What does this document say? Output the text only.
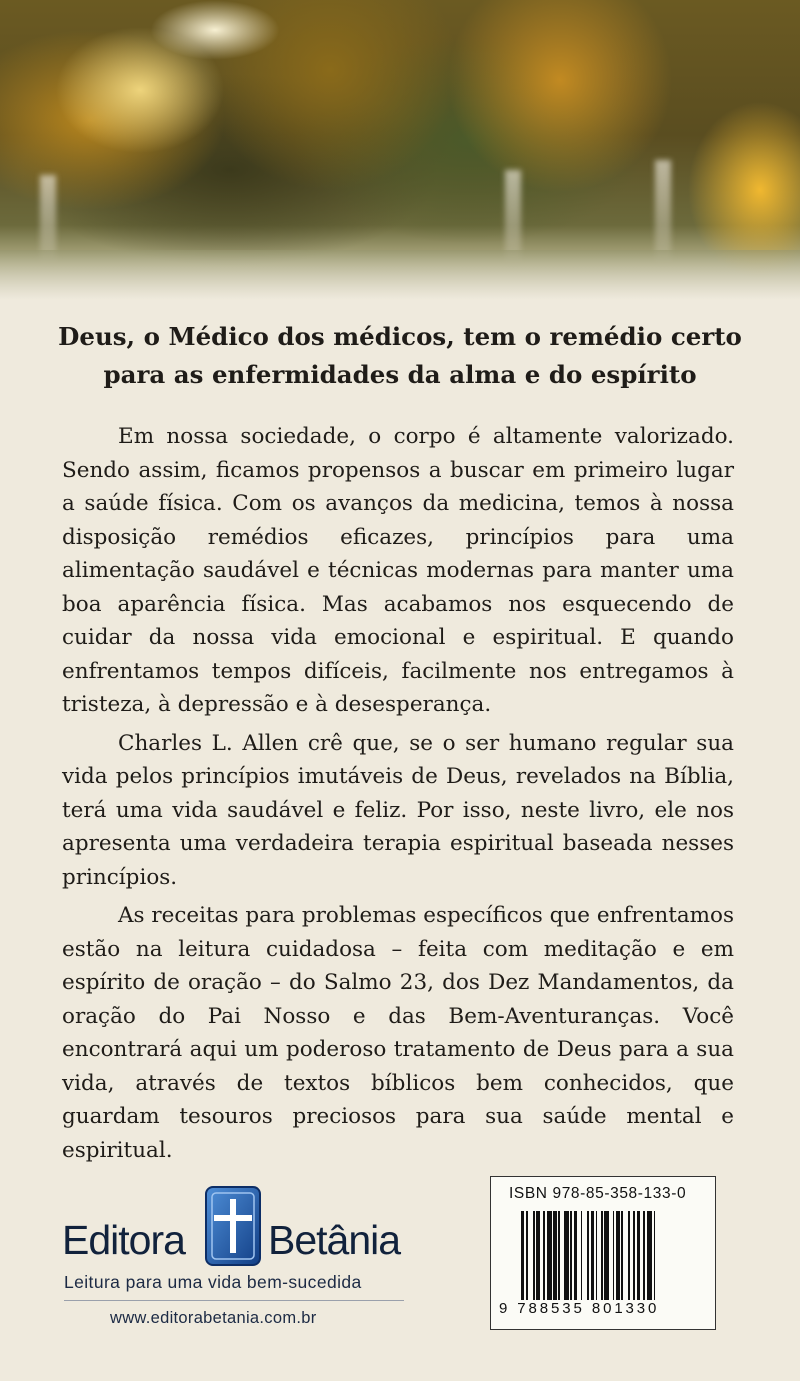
Deus, o Médico dos médicos, tem o remédio certo
para as enfermidades da alma e do espírito

Em nossa sociedade, o corpo é altamente valorizado. Sendo assim, ficamos propensos a buscar em primeiro lugar a saúde física. Com os avanços da medicina, temos à nossa disposição remédios eficazes, princípios para uma alimentação saudável e técnicas modernas para manter uma boa aparência física. Mas acabamos nos esquecendo de cuidar da nossa vida emocional e espiritual. E quando enfrentamos tempos difíceis, facilmente nos entregamos à tristeza, à depressão e à desesperança.

Charles L. Allen crê que, se o ser humano regular sua vida pelos princípios imutáveis de Deus, revelados na Bíblia, terá uma vida saudável e feliz. Por isso, neste livro, ele nos apresenta uma verdadeira terapia espiritual baseada nesses princípios.

As receitas para problemas específicos que enfrentamos estão na leitura cuidadosa – feita com meditação e em espírito de oração – do Salmo 23, dos Dez Mandamentos, da oração do Pai Nosso e das Bem-Aventuranças. Você encontrará aqui um poderoso tratamento de Deus para a sua vida, através de textos bíblicos bem conhecidos, que guardam tesouros preciosos para sua saúde mental e espiritual.

Editora Betânia
Leitura para uma vida bem-sucedida
www.editorabetania.com.br
ISBN 978-85-358-133-0
9 788535 801330
